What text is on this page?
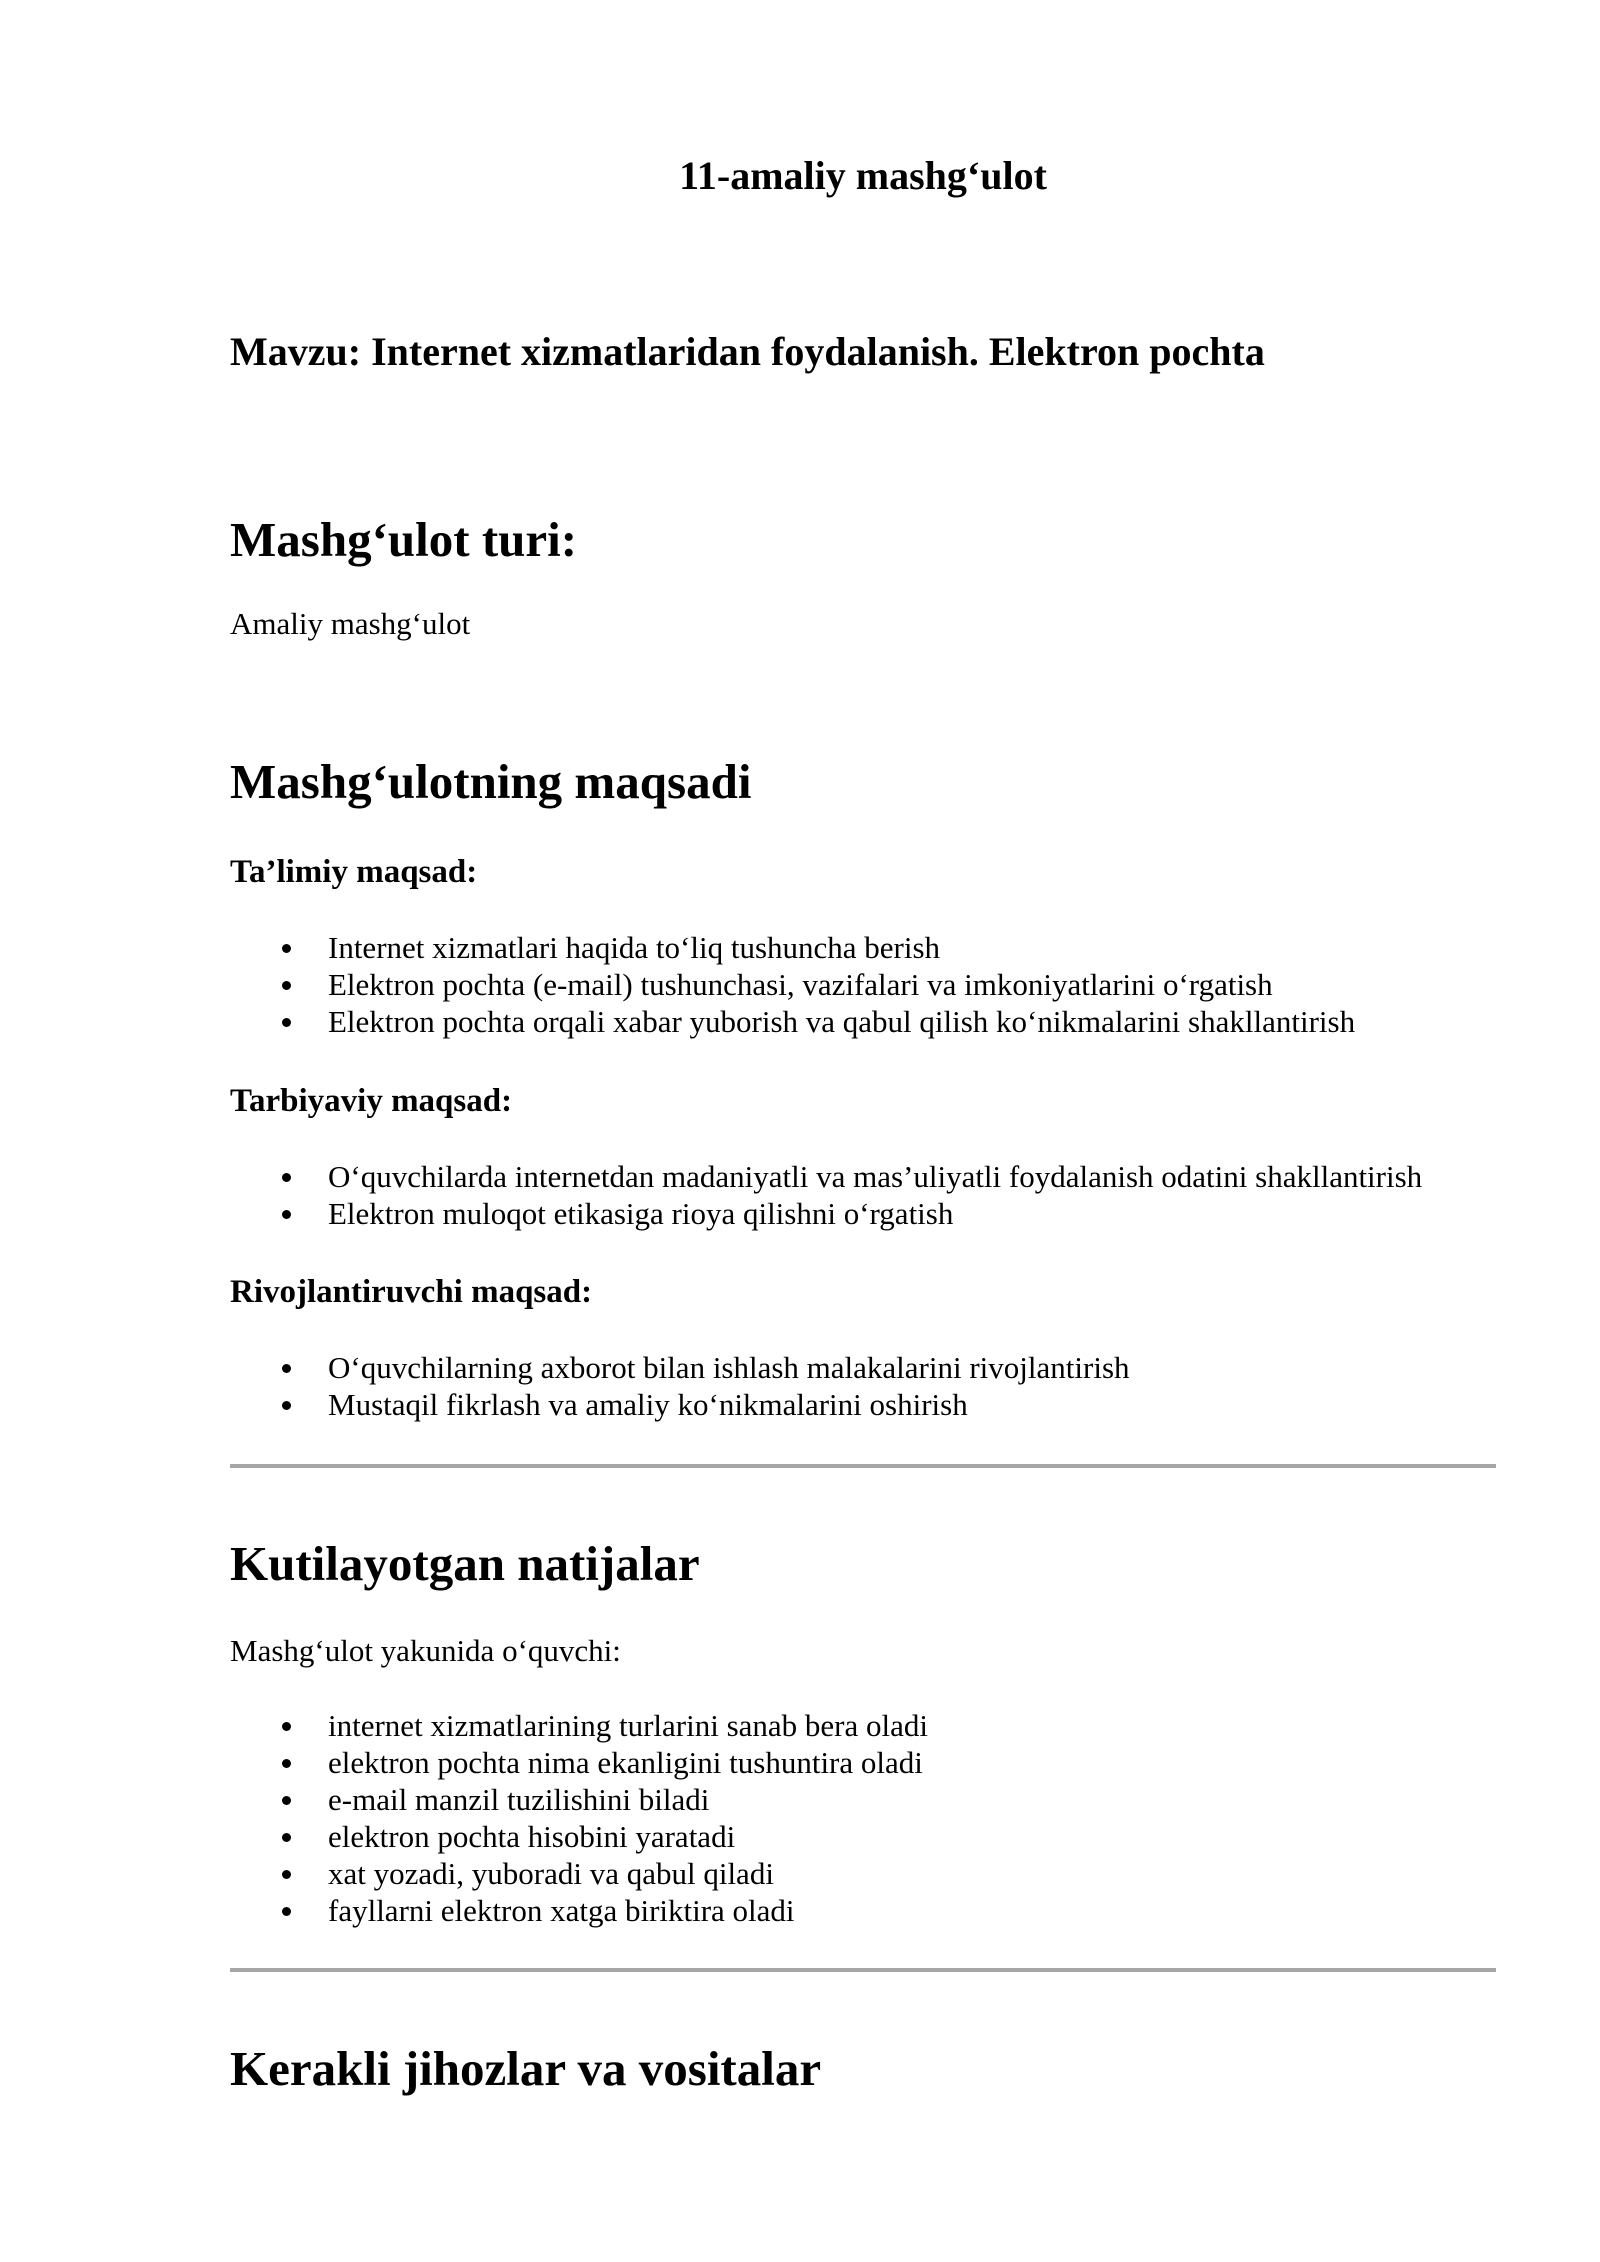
11-amaliy mashg‘ulot
Mavzu: Internet xizmatlaridan foydalanish. Elektron pochta
Mashg‘ulot turi:

Amaliy mashg‘ulot

Mashg‘ulotning maqsadi
Ta’limiy maqsad:
Internet xizmatlari haqida to‘liq tushuncha berish
Elektron pochta (e-mail) tushunchasi, vazifalari va imkoniyatlarini o‘rgatish
Elektron pochta orqali xabar yuborish va qabul qilish ko‘nikmalarini shakllantirish
Tarbiyaviy maqsad:
O‘quvchilarda internetdan madaniyatli va mas’uliyatli foydalanish odatini shakllantirish
Elektron muloqot etikasiga rioya qilishni o‘rgatish
Rivojlantiruvchi maqsad:
O‘quvchilarning axborot bilan ishlash malakalarini rivojlantirish
Mustaqil fikrlash va amaliy ko‘nikmalarini oshirish
Kutilayotgan natijalar

Mashg‘ulot yakunida o‘quvchi:

internet xizmatlarining turlarini sanab bera oladi
elektron pochta nima ekanligini tushuntira oladi
e-mail manzil tuzilishini biladi
elektron pochta hisobini yaratadi
xat yozadi, yuboradi va qabul qiladi
fayllarni elektron xatga biriktira oladi
Kerakli jihozlar va vositalar
